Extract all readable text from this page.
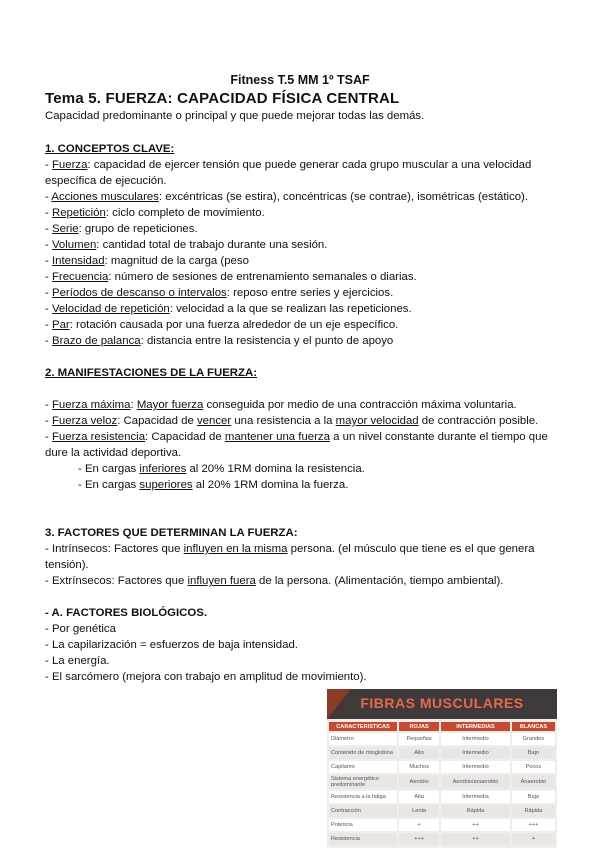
Fitness T.5 MM 1º TSAF
Tema 5. FUERZA: CAPACIDAD FÍSICA CENTRAL
Capacidad predominante o principal y que puede mejorar todas las demás.
1. CONCEPTOS CLAVE:

- Fuerza: capacidad de ejercer tensión que puede generar cada grupo muscular a una velocidad específica de ejecución.

- Acciones musculares: excéntricas (se estira), concéntricas (se contrae), isométricas (estático).

- Repetición: ciclo completo de movimiento.

- Serie: grupo de repeticiones.

- Volumen: cantidad total de trabajo durante una sesión.

- Intensidad: magnitud de la carga (peso

- Frecuencia: número de sesiones de entrenamiento semanales o diarias.

- Períodos de descanso o intervalos: reposo entre series y ejercicios.

- Velocidad de repetición: velocidad a la que se realizan las repeticiones.

- Par: rotación causada por una fuerza alrededor de un eje específico.

- Brazo de palanca: distancia entre la resistencia y el punto de apoyo

2. MANIFESTACIONES DE LA FUERZA:

- Fuerza máxima: Mayor fuerza conseguida por medio de una contracción máxima voluntaria.

- Fuerza veloz: Capacidad de vencer una resistencia a la mayor velocidad de contracción posible.

- Fuerza resistencia: Capacidad de mantener una fuerza a un nivel constante durante el tiempo que dure la actividad deportiva.

- En cargas inferiores al 20% 1RM domina la resistencia.

- En cargas superiores al 20% 1RM domina la fuerza.

3. FACTORES QUE DETERMINAN LA FUERZA:

- Intrínsecos: Factores que influyen en la misma persona. (el músculo que tiene es el que genera tensión).

- Extrínsecos: Factores que influyen fuera de la persona. (Alimentación, tiempo ambiental).

- A. FACTORES BIOLÓGICOS.

- Por genética

- La capilarización = esfuerzos de baja intensidad.

- La energía.

- El sarcómero (mejora con trabajo en amplitud de movimiento).

FIBRAS MUSCULARES
CARACTERISTICAS	ROJAS	INTERMEDIAS	BLANCAS
Diámetro	Pequeñas	Intermedio	Grandes
Contenido de mioglobina	Alto	Intermedio	Bajo
Capilares	Muchos	Intermedio	Pocos
Sistema energético predominante	Aerobio	Aerobio/anaerobio	Anaerobio
Resistencia a la fatiga	Alta	Intermedia	Baja
Contracción	Lenta	Rápida	Rápida
Potencia	+	++	+++
Resistencia	+++	++	+
